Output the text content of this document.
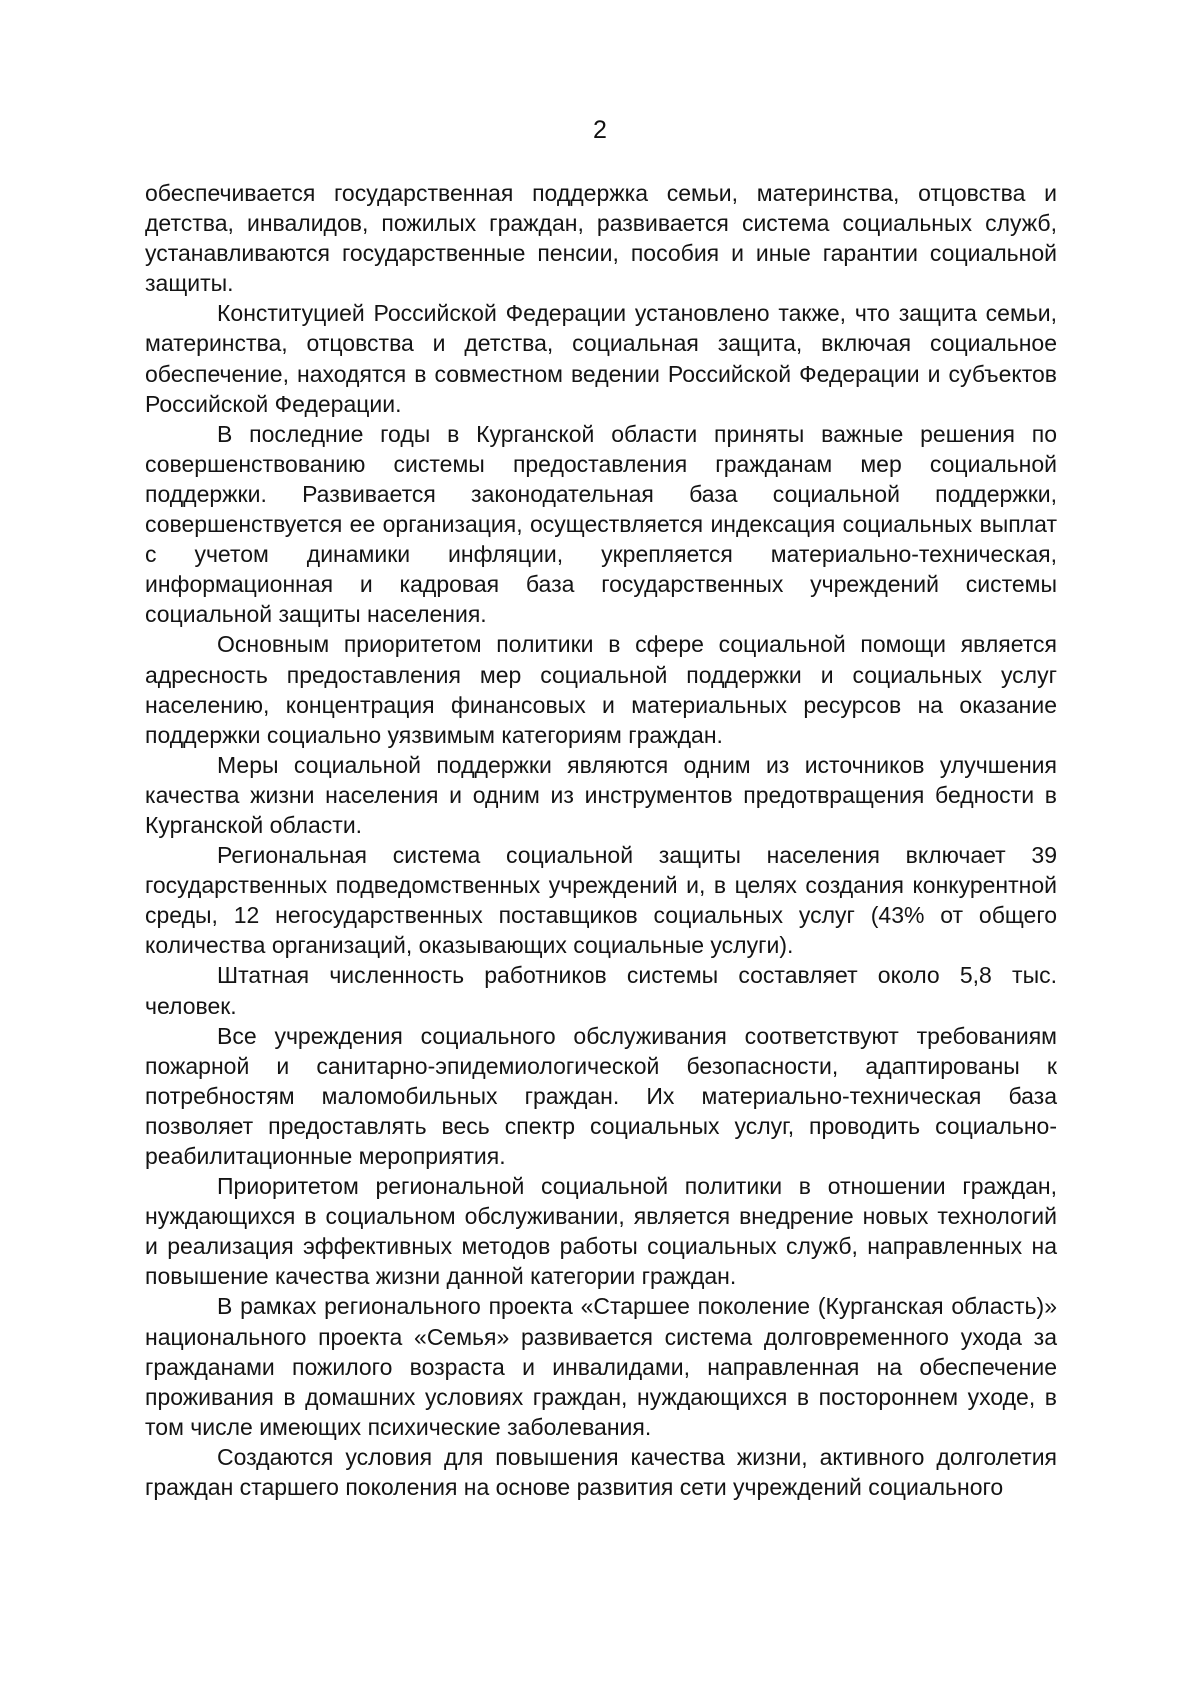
2

обеспечивается государственная поддержка семьи, материнства, отцовства и детства, инвалидов, пожилых граждан, развивается система социальных служб, устанавливаются государственные пенсии, пособия и иные гарантии социальной защиты.

Конституцией Российской Федерации установлено также, что защита семьи, материнства, отцовства и детства, социальная защита, включая социальное обеспечение, находятся в совместном ведении Российской Федерации и субъектов Российской Федерации.

В последние годы в Курганской области приняты важные решения по совершенствованию системы предоставления гражданам мер социальной поддержки. Развивается законодательная база социальной поддержки, совершенствуется ее организация, осуществляется индексация социальных выплат с учетом динамики инфляции, укрепляется материально-техническая, информационная и кадровая база государственных учреждений системы социальной защиты населения.

Основным приоритетом политики в сфере социальной помощи является адресность предоставления мер социальной поддержки и социальных услуг населению, концентрация финансовых и материальных ресурсов на оказание поддержки социально уязвимым категориям граждан.

Меры социальной поддержки являются одним из источников улучшения качества жизни населения и одним из инструментов предотвращения бедности в Курганской области.

Региональная система социальной защиты населения включает 39 государственных подведомственных учреждений и, в целях создания конкурентной среды, 12 негосударственных поставщиков социальных услуг (43% от общего количества организаций, оказывающих социальные услуги).

Штатная численность работников системы составляет около 5,8 тыс. человек.

Все учреждения социального обслуживания соответствуют требованиям пожарной и санитарно-эпидемиологической безопасности, адаптированы к потребностям маломобильных граждан. Их материально-техническая база позволяет предоставлять весь спектр социальных услуг, проводить социально-реабилитационные мероприятия.

Приоритетом региональной социальной политики в отношении граждан, нуждающихся в социальном обслуживании, является внедрение новых технологий и реализация эффективных методов работы социальных служб, направленных на повышение качества жизни данной категории граждан.

В рамках регионального проекта «Старшее поколение (Курганская область)» национального проекта «Семья» развивается система долговременного ухода за гражданами пожилого возраста и инвалидами, направленная на обеспечение проживания в домашних условиях граждан, нуждающихся в постороннем уходе, в том числе имеющих психические заболевания.

Создаются условия для повышения качества жизни, активного долголетия граждан старшего поколения на основе развития сети учреждений социального
